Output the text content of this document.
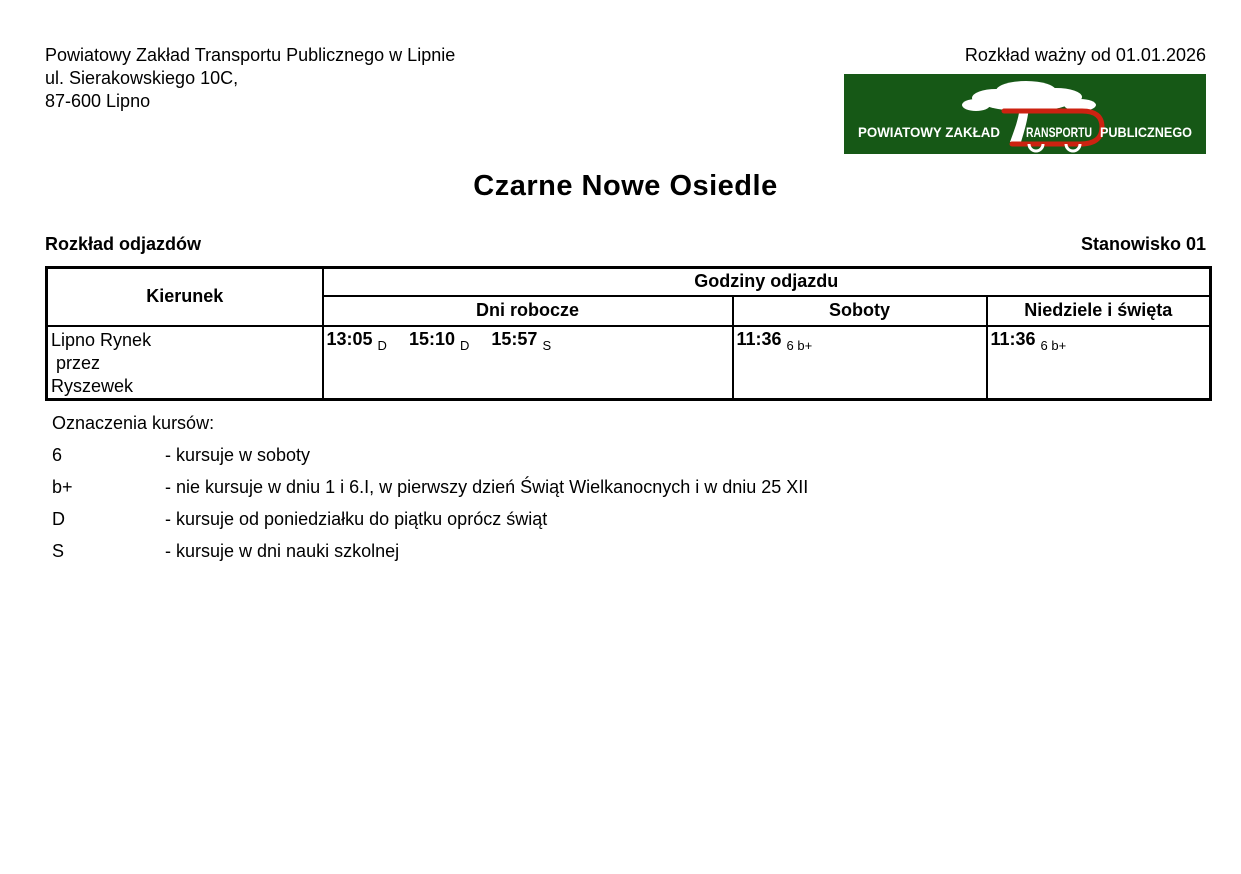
Powiatowy Zakład Transportu Publicznego w Lipnie
ul. Sierakowskiego 10C,
87-600 Lipno
Rozkład ważny od 01.01.2026
POWIATOWY ZAKŁAD RANSPORTU PUBLICZNEGO
Czarne Nowe Osiedle
Rozkład odjazdów	Stanowisko 01
Kierunek	Godziny odjazdu		
	Dni robocze	Soboty	Niedziele i święta

Lipno Rynek
przez
Ryszewek	13:05 $_D$ 15:10 $_D$ 15:57 $_S$	11:36 $_{6 b+}$	11:36 $_{6 b+}$
Oznaczenia kursów:
6	- kursuje w soboty
b+	- nie kursuje w dniu 1 i 6.I, w pierwszy dzień Świąt Wielkanocnych i w dniu 25 XII
D	- kursuje od poniedziałku do piątku oprócz świąt
S	- kursuje w dni nauki szkolnej
